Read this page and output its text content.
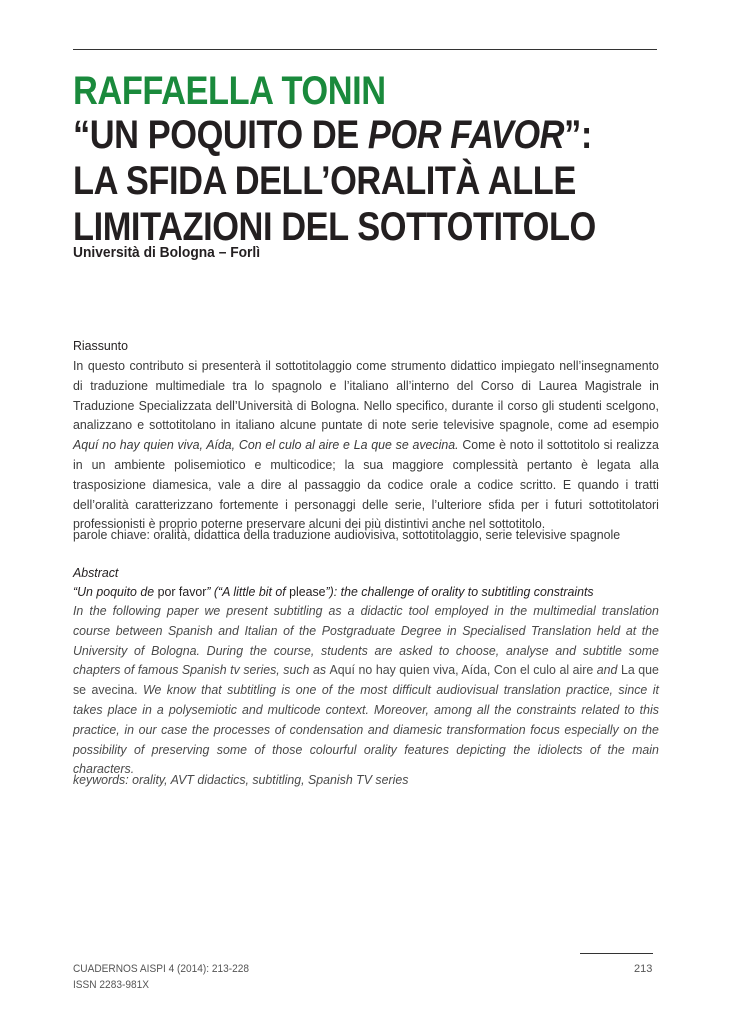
RAFFAELLA TONIN
“UN POQUITO DE POR FAVOR”:
LA SFIDA DELL’ORALITÀ ALLE
LIMITAZIONI DEL SOTTOTITOLO
Università di Bologna – Forlì
Riassunto
In questo contributo si presenterà il sottotitolaggio come strumento didattico impiegato nell’insegnamento di traduzione multimediale tra lo spagnolo e l’italiano all’interno del Corso di Laurea Magistrale in Traduzione Specializzata dell’Università di Bologna. Nello specifico, durante il corso gli studenti scelgono, analizzano e sottotitolano in italiano alcune puntate di note serie televisive spagnole, come ad esempio Aquí no hay quien viva, Aída, Con el culo al aire e La que se avecina. Come è noto il sottotitolo si realizza in un ambiente polisemiotico e multicodice; la sua maggiore complessità pertanto è legata alla trasposizione diamesica, vale a dire al passaggio da codice orale a codice scritto. E quando i tratti dell’oralità caratterizzano fortemente i personaggi delle serie, l’ulteriore sfida per i futuri sottotitolatori professionisti è proprio poterne preservare alcuni dei più distintivi anche nel sottotitolo.
parole chiave: oralità, didattica della traduzione audiovisiva, sottotitolaggio, serie televisive spagnole
Abstract
“Un poquito de por favor” (“A little bit of please”): the challenge of orality to subtitling constraints
In the following paper we present subtitling as a didactic tool employed in the multimedial translation course between Spanish and Italian of the Postgraduate Degree in Specialised Translation held at the University of Bologna. During the course, students are asked to choose, analyse and subtitle some chapters of famous Spanish tv series, such as Aquí no hay quien viva, Aída, Con el culo al aire and La que se avecina. We know that subtitling is one of the most difficult audiovisual translation practice, since it takes place in a polysemiotic and multicode context. Moreover, among all the constraints related to this practice, in our case the processes of condensation and diamesic transformation focus especially on the possibility of preserving some of those colourful orality features depicting the idiolects of the main characters.
keywords: orality, AVT didactics, subtitling, Spanish TV series
CUADERNOS AISPI 4 (2014): 213-228
ISSN 2283-981X
213
